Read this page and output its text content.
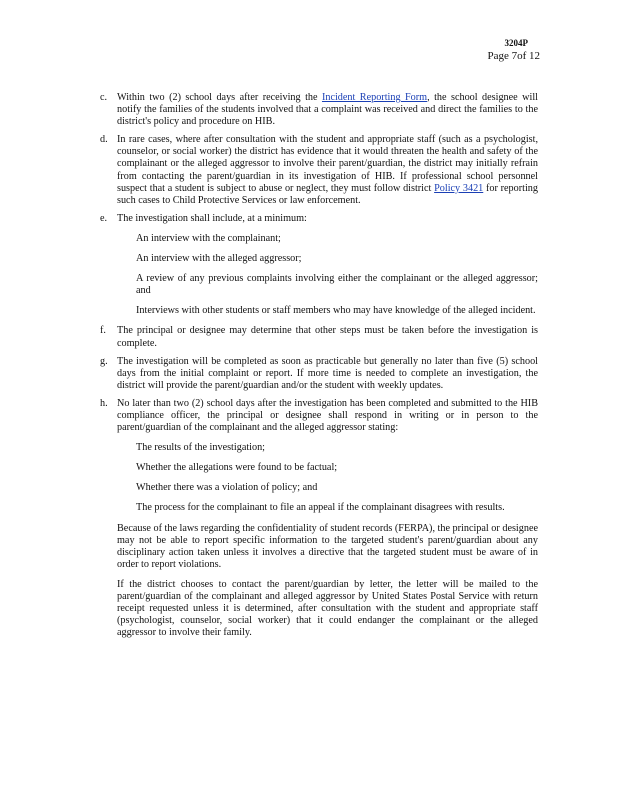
3204P
Page 7of 12
c. Within two (2) school days after receiving the Incident Reporting Form, the school designee will notify the families of the students involved that a complaint was received and direct the families to the district's policy and procedure on HIB.
d. In rare cases, where after consultation with the student and appropriate staff (such as a psychologist, counselor, or social worker) the district has evidence that it would threaten the health and safety of the complainant or the alleged aggressor to involve their parent/guardian, the district may initially refrain from contacting the parent/guardian in its investigation of HIB. If professional school personnel suspect that a student is subject to abuse or neglect, they must follow district Policy 3421 for reporting such cases to Child Protective Services or law enforcement.
e. The investigation shall include, at a minimum:
An interview with the complainant;
An interview with the alleged aggressor;
A review of any previous complaints involving either the complainant or the alleged aggressor; and
Interviews with other students or staff members who may have knowledge of the alleged incident.
f. The principal or designee may determine that other steps must be taken before the investigation is complete.
g. The investigation will be completed as soon as practicable but generally no later than five (5) school days from the initial complaint or report. If more time is needed to complete an investigation, the district will provide the parent/guardian and/or the student with weekly updates.
h. No later than two (2) school days after the investigation has been completed and submitted to the HIB compliance officer, the principal or designee shall respond in writing or in person to the parent/guardian of the complainant and the alleged aggressor stating:
The results of the investigation;
Whether the allegations were found to be factual;
Whether there was a violation of policy; and
The process for the complainant to file an appeal if the complainant disagrees with results.
Because of the laws regarding the confidentiality of student records (FERPA), the principal or designee may not be able to report specific information to the targeted student's parent/guardian about any disciplinary action taken unless it involves a directive that the targeted student must be aware of in order to report violations.
If the district chooses to contact the parent/guardian by letter, the letter will be mailed to the parent/guardian of the complainant and alleged aggressor by United States Postal Service with return receipt requested unless it is determined, after consultation with the student and appropriate staff (psychologist, counselor, social worker) that it could endanger the complainant or the alleged aggressor to involve their family.
